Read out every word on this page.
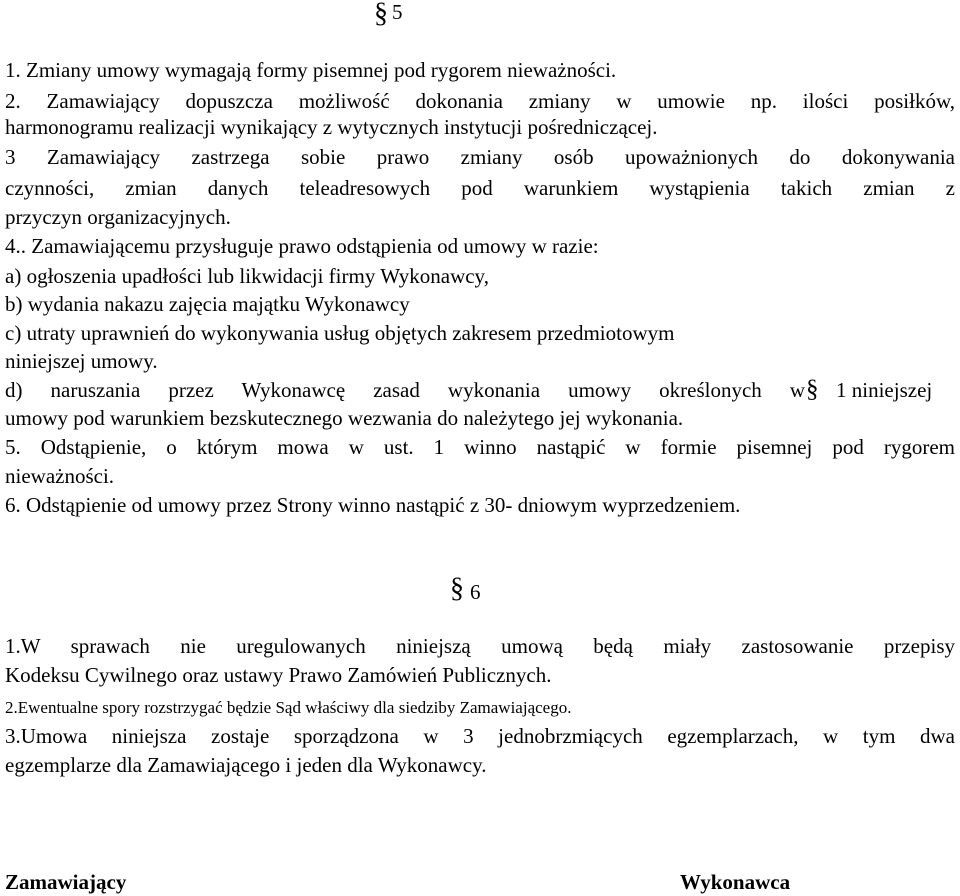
§ 5
1. Zmiany umowy wymagają formy pisemnej pod rygorem nieważności.
2. Zamawiający dopuszcza możliwość dokonania zmiany w umowie np. ilości posiłków,
harmonogramu realizacji wynikający z wytycznych instytucji pośredniczącej.
3 Zamawiający zastrzega sobie prawo zmiany osób upoważnionych do dokonywania
czynności, zmian danych teleadresowych pod warunkiem wystąpienia takich zmian z
przyczyn organizacyjnych.
4.. Zamawiającemu przysługuje prawo odstąpienia od umowy w razie:
a) ogłoszenia upadłości lub likwidacji firmy Wykonawcy,
b) wydania nakazu zajęcia majątku Wykonawcy
c) utraty uprawnień do wykonywania usług objętych zakresem przedmiotowym
niniejszej umowy.
d) naruszania przez Wykonawcę zasad wykonania umowy określonych w § 1 niniejszej
umowy pod warunkiem bezskutecznego wezwania do należytego jej wykonania.
5. Odstąpienie, o którym mowa w ust. 1 winno nastąpić w formie pisemnej pod rygorem
nieważności.
6. Odstąpienie od umowy przez Strony winno nastąpić z 30- dniowym wyprzedzeniem.
§ 6
1.W sprawach nie uregulowanych niniejszą umową będą miały zastosowanie przepisy
Kodeksu Cywilnego oraz ustawy Prawo Zamówień Publicznych.
2.Ewentualne spory rozstrzygać będzie Sąd właściwy dla siedziby Zamawiającego.
3.Umowa niniejsza zostaje sporządzona w 3 jednobrzmiących egzemplarzach, w tym dwa
egzemplarze dla Zamawiającego i jeden dla Wykonawcy.
Zamawiający	Wykonawca
